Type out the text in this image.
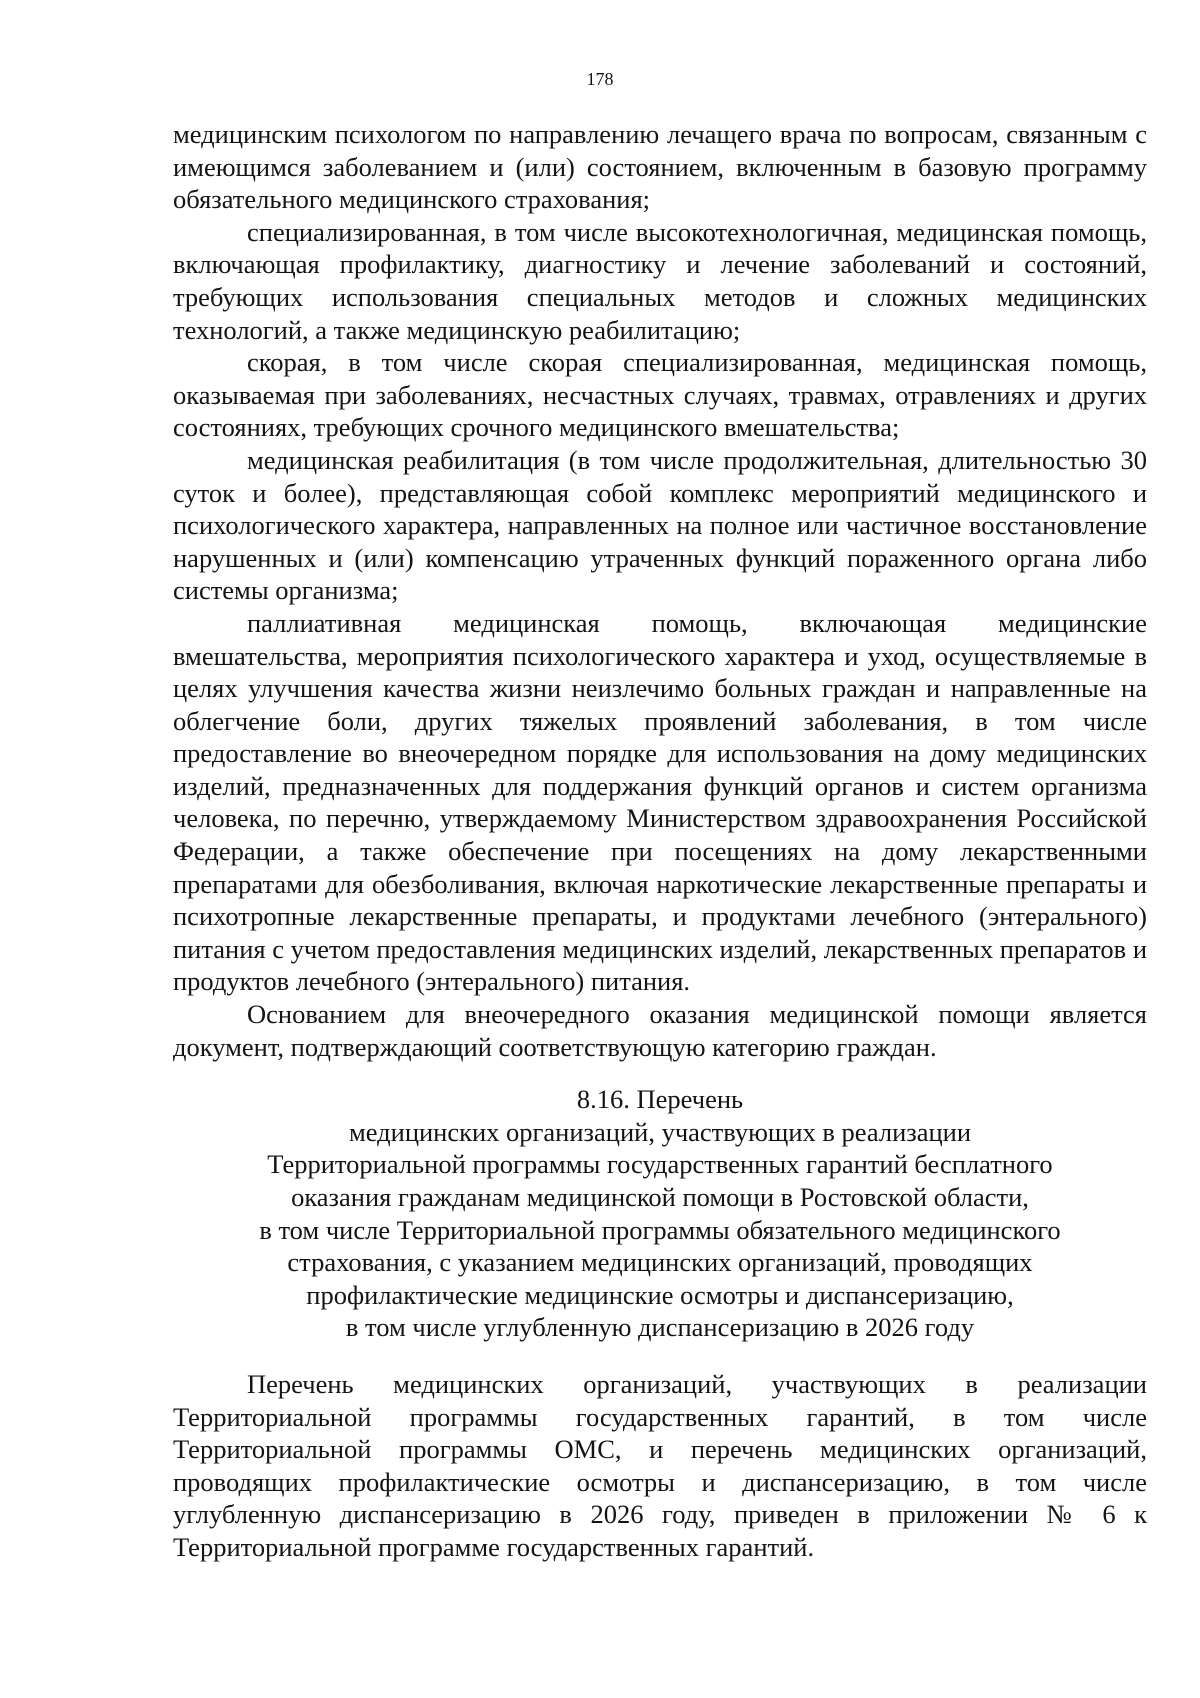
178

медицинским психологом по направлению лечащего врача по вопросам, связанным с имеющимся заболеванием и (или) состоянием, включенным в базовую программу обязательного медицинского страхования;

специализированная, в том числе высокотехнологичная, медицинская помощь, включающая профилактику, диагностику и лечение заболеваний и состояний, требующих использования специальных методов и сложных медицинских технологий, а также медицинскую реабилитацию;

скорая, в том числе скорая специализированная, медицинская помощь, оказываемая при заболеваниях, несчастных случаях, травмах, отравлениях и других состояниях, требующих срочного медицинского вмешательства;

медицинская реабилитация (в том числе продолжительная, длительностью 30 суток и более), представляющая собой комплекс мероприятий медицинского и психологического характера, направленных на полное или частичное восстановление нарушенных и (или) компенсацию утраченных функций пораженного органа либо системы организма;

паллиативная медицинская помощь, включающая медицинские вмешательства, мероприятия психологического характера и уход, осуществляемые в целях улучшения качества жизни неизлечимо больных граждан и направленные на облегчение боли, других тяжелых проявлений заболевания, в том числе предоставление во внеочередном порядке для использования на дому медицинских изделий, предназначенных для поддержания функций органов и систем организма человека, по перечню, утверждаемому Министерством здравоохранения Российской Федерации, а также обеспечение при посещениях на дому лекарственными препаратами для обезболивания, включая наркотические лекарственные препараты и психотропные лекарственные препараты, и продуктами лечебного (энтерального) питания с учетом предоставления медицинских изделий, лекарственных препаратов и продуктов лечебного (энтерального) питания.

Основанием для внеочередного оказания медицинской помощи является документ, подтверждающий соответствующую категорию граждан.

8.16. Перечень
медицинских организаций, участвующих в реализации
Территориальной программы государственных гарантий бесплатного
оказания гражданам медицинской помощи в Ростовской области,
в том числе Территориальной программы обязательного медицинского
страхования, с указанием медицинских организаций, проводящих
профилактические медицинские осмотры и диспансеризацию,
в том числе углубленную диспансеризацию в 2026 году

Перечень медицинских организаций, участвующих в реализации Территориальной программы государственных гарантий, в том числе Территориальной программы ОМС, и перечень медицинских организаций, проводящих профилактические осмотры и диспансеризацию, в том числе углубленную диспансеризацию в 2026 году, приведен в приложении № 6 к Территориальной программе государственных гарантий.
